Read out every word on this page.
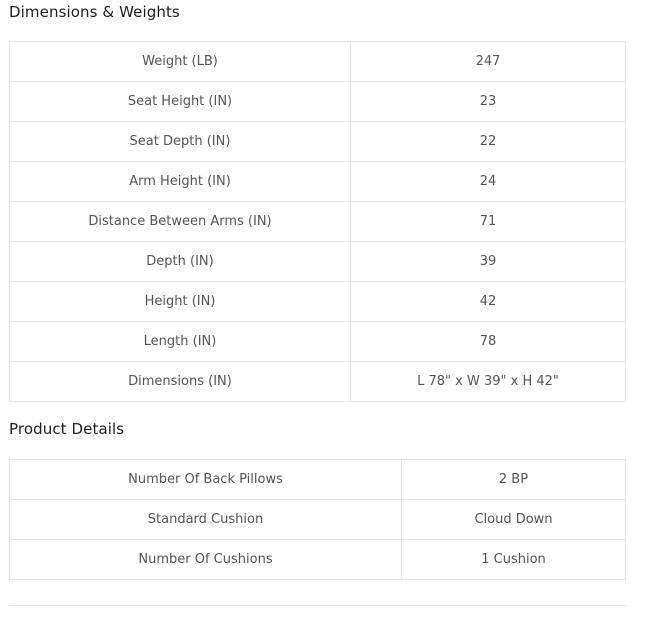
Dimensions & Weights
Weight (LB)	247
Seat Height (IN)	23
Seat Depth (IN)	22
Arm Height (IN)	24
Distance Between Arms (IN)	71
Depth (IN)	39
Height (IN)	42
Length (IN)	78
Dimensions (IN)	L 78" x W 39" x H 42"
Product Details
Number Of Back Pillows	2 BP
Standard Cushion	Cloud Down
Number Of Cushions	1 Cushion
